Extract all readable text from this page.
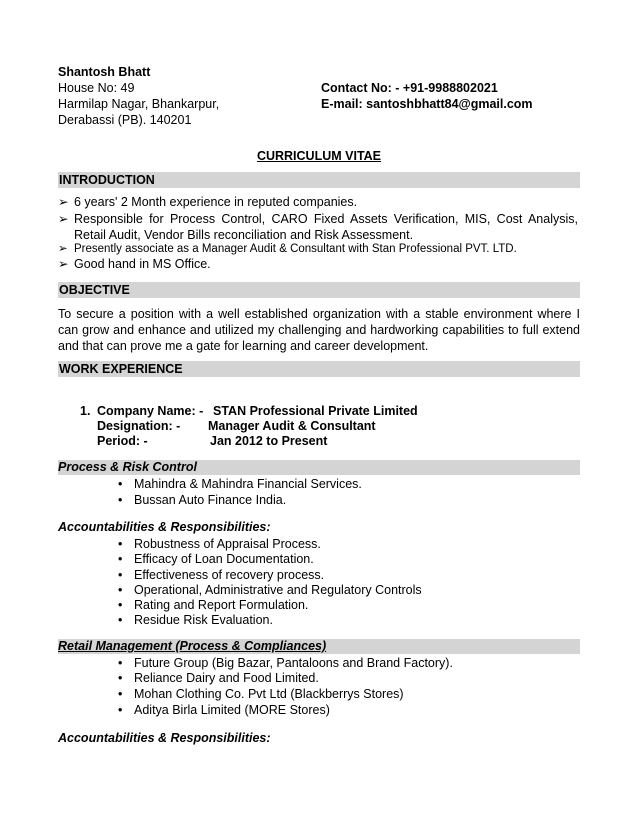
Shantosh Bhatt
House No: 49
Harmilap Nagar, Bhankarpur,
Derabassi (PB). 140201
Contact No: - +91-9988802021
E-mail: santoshbhatt84@gmail.com
CURRICULUM VITAE
INTRODUCTION
➢ 6 years' 2 Month experience in reputed companies.
➢ Responsible for Process Control, CARO Fixed Assets Verification, MIS, Cost Analysis,
Retail Audit, Vendor Bills reconciliation and Risk Assessment.
➢ Presently associate as a Manager Audit & Consultant with Stan Professional PVT. LTD.
➢ Good hand in MS Office.
OBJECTIVE
To secure a position with a well established organization with a stable environment where I
can grow and enhance and utilized my challenging and hardworking capabilities to full extend
and that can prove me a gate for learning and career development.
WORK EXPERIENCE
1. Company Name: - STAN Professional Private Limited
Designation: - Manager Audit & Consultant
Period: -	Jan 2012 to Present
Process & Risk Control
• Mahindra & Mahindra Financial Services.
• Bussan Auto Finance India.
Accountabilities & Responsibilities:
• Robustness of Appraisal Process.
• Efficacy of Loan Documentation.
• Effectiveness of recovery process.
• Operational, Administrative and Regulatory Controls
• Rating and Report Formulation.
• Residue Risk Evaluation.
Retail Management (Process & Compliances)
• Future Group (Big Bazar, Pantaloons and Brand Factory).
• Reliance Dairy and Food Limited.
• Mohan Clothing Co. Pvt Ltd (Blackberrys Stores)
• Aditya Birla Limited (MORE Stores)
Accountabilities & Responsibilities:
